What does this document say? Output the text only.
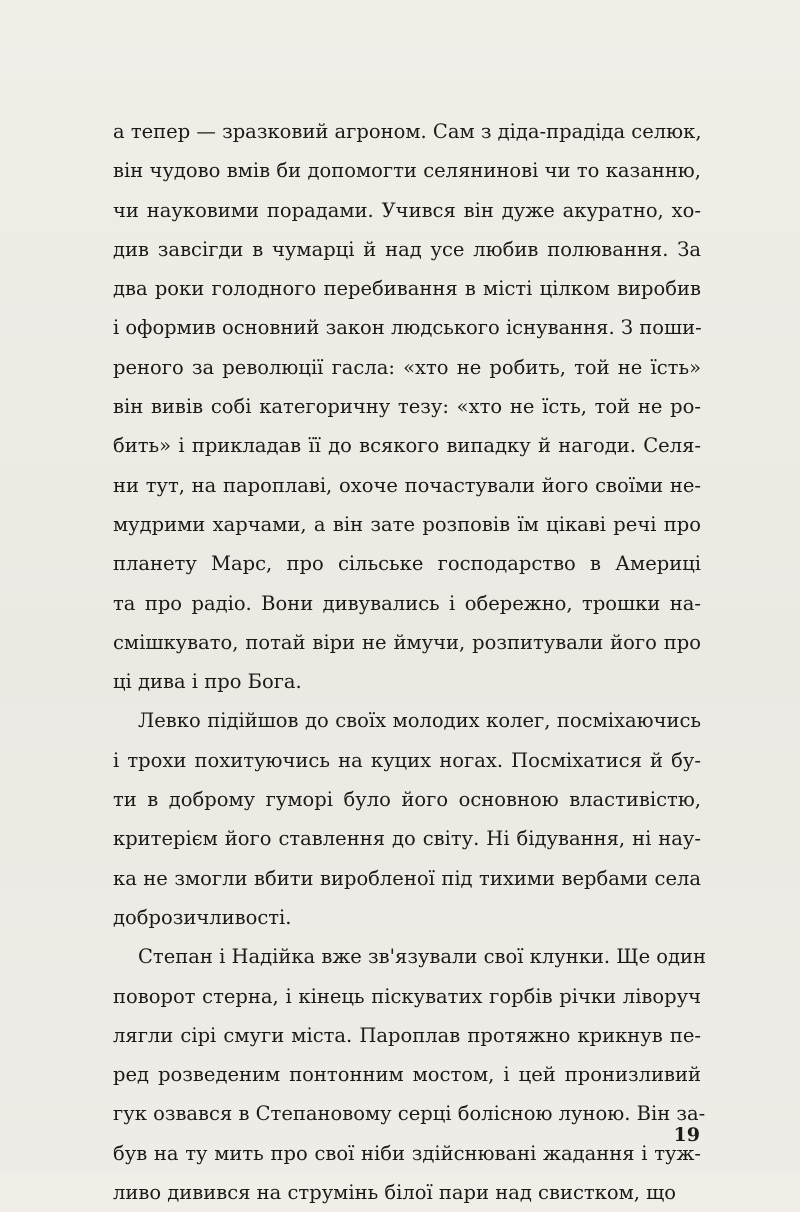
а тепер — зразковий агроном. Сам з діда-прадіда селюк,
він чудово вмів би допомогти селянинові чи то казанню,
чи науковими порадами. Учився він дуже акуратно, хо-
див завсігди в чумарці й над усе любив полювання. За
два роки голодного перебивання в місті цілком виробив
і оформив основний закон людського існування. З поши-
реного за революції гасла: «хто не робить, той не їсть»
він вивів собі категоричну тезу: «хто не їсть, той не ро-
бить» і прикладав її до всякого випадку й нагоди. Селя-
ни тут, на пароплаві, охоче почастували його своїми не-
мудрими харчами, а він зате розповів їм цікаві речі про
планету Марс, про сільське господарство в Америці
та про радіо. Вони дивувались і обережно, трошки на-
смішкувато, потай віри не ймучи, розпитували його про
ці дива і про Бога.
Левко підійшов до своїх молодих колег, посміхаючись
і трохи похитуючись на куцих ногах. Посміхатися й бу-
ти в доброму гуморі було його основною властивістю,
критерієм його ставлення до світу. Ні бідування, ні нау-
ка не змогли вбити виробленої під тихими вербами села
доброзичливості.
Степан і Надійка вже зв'язували свої клунки. Ще один
поворот стерна, і кінець піскуватих горбів річки ліворуч
лягли сірі смуги міста. Пароплав протяжно крикнув пе-
ред розведеним понтонним мостом, і цей пронизливий
гук озвався в Степановому серці болісною луною. Він за-
був на ту мить про свої ніби здійснювані жадання і туж-
ливо дивився на струмінь білої пари над свистком, що
19
